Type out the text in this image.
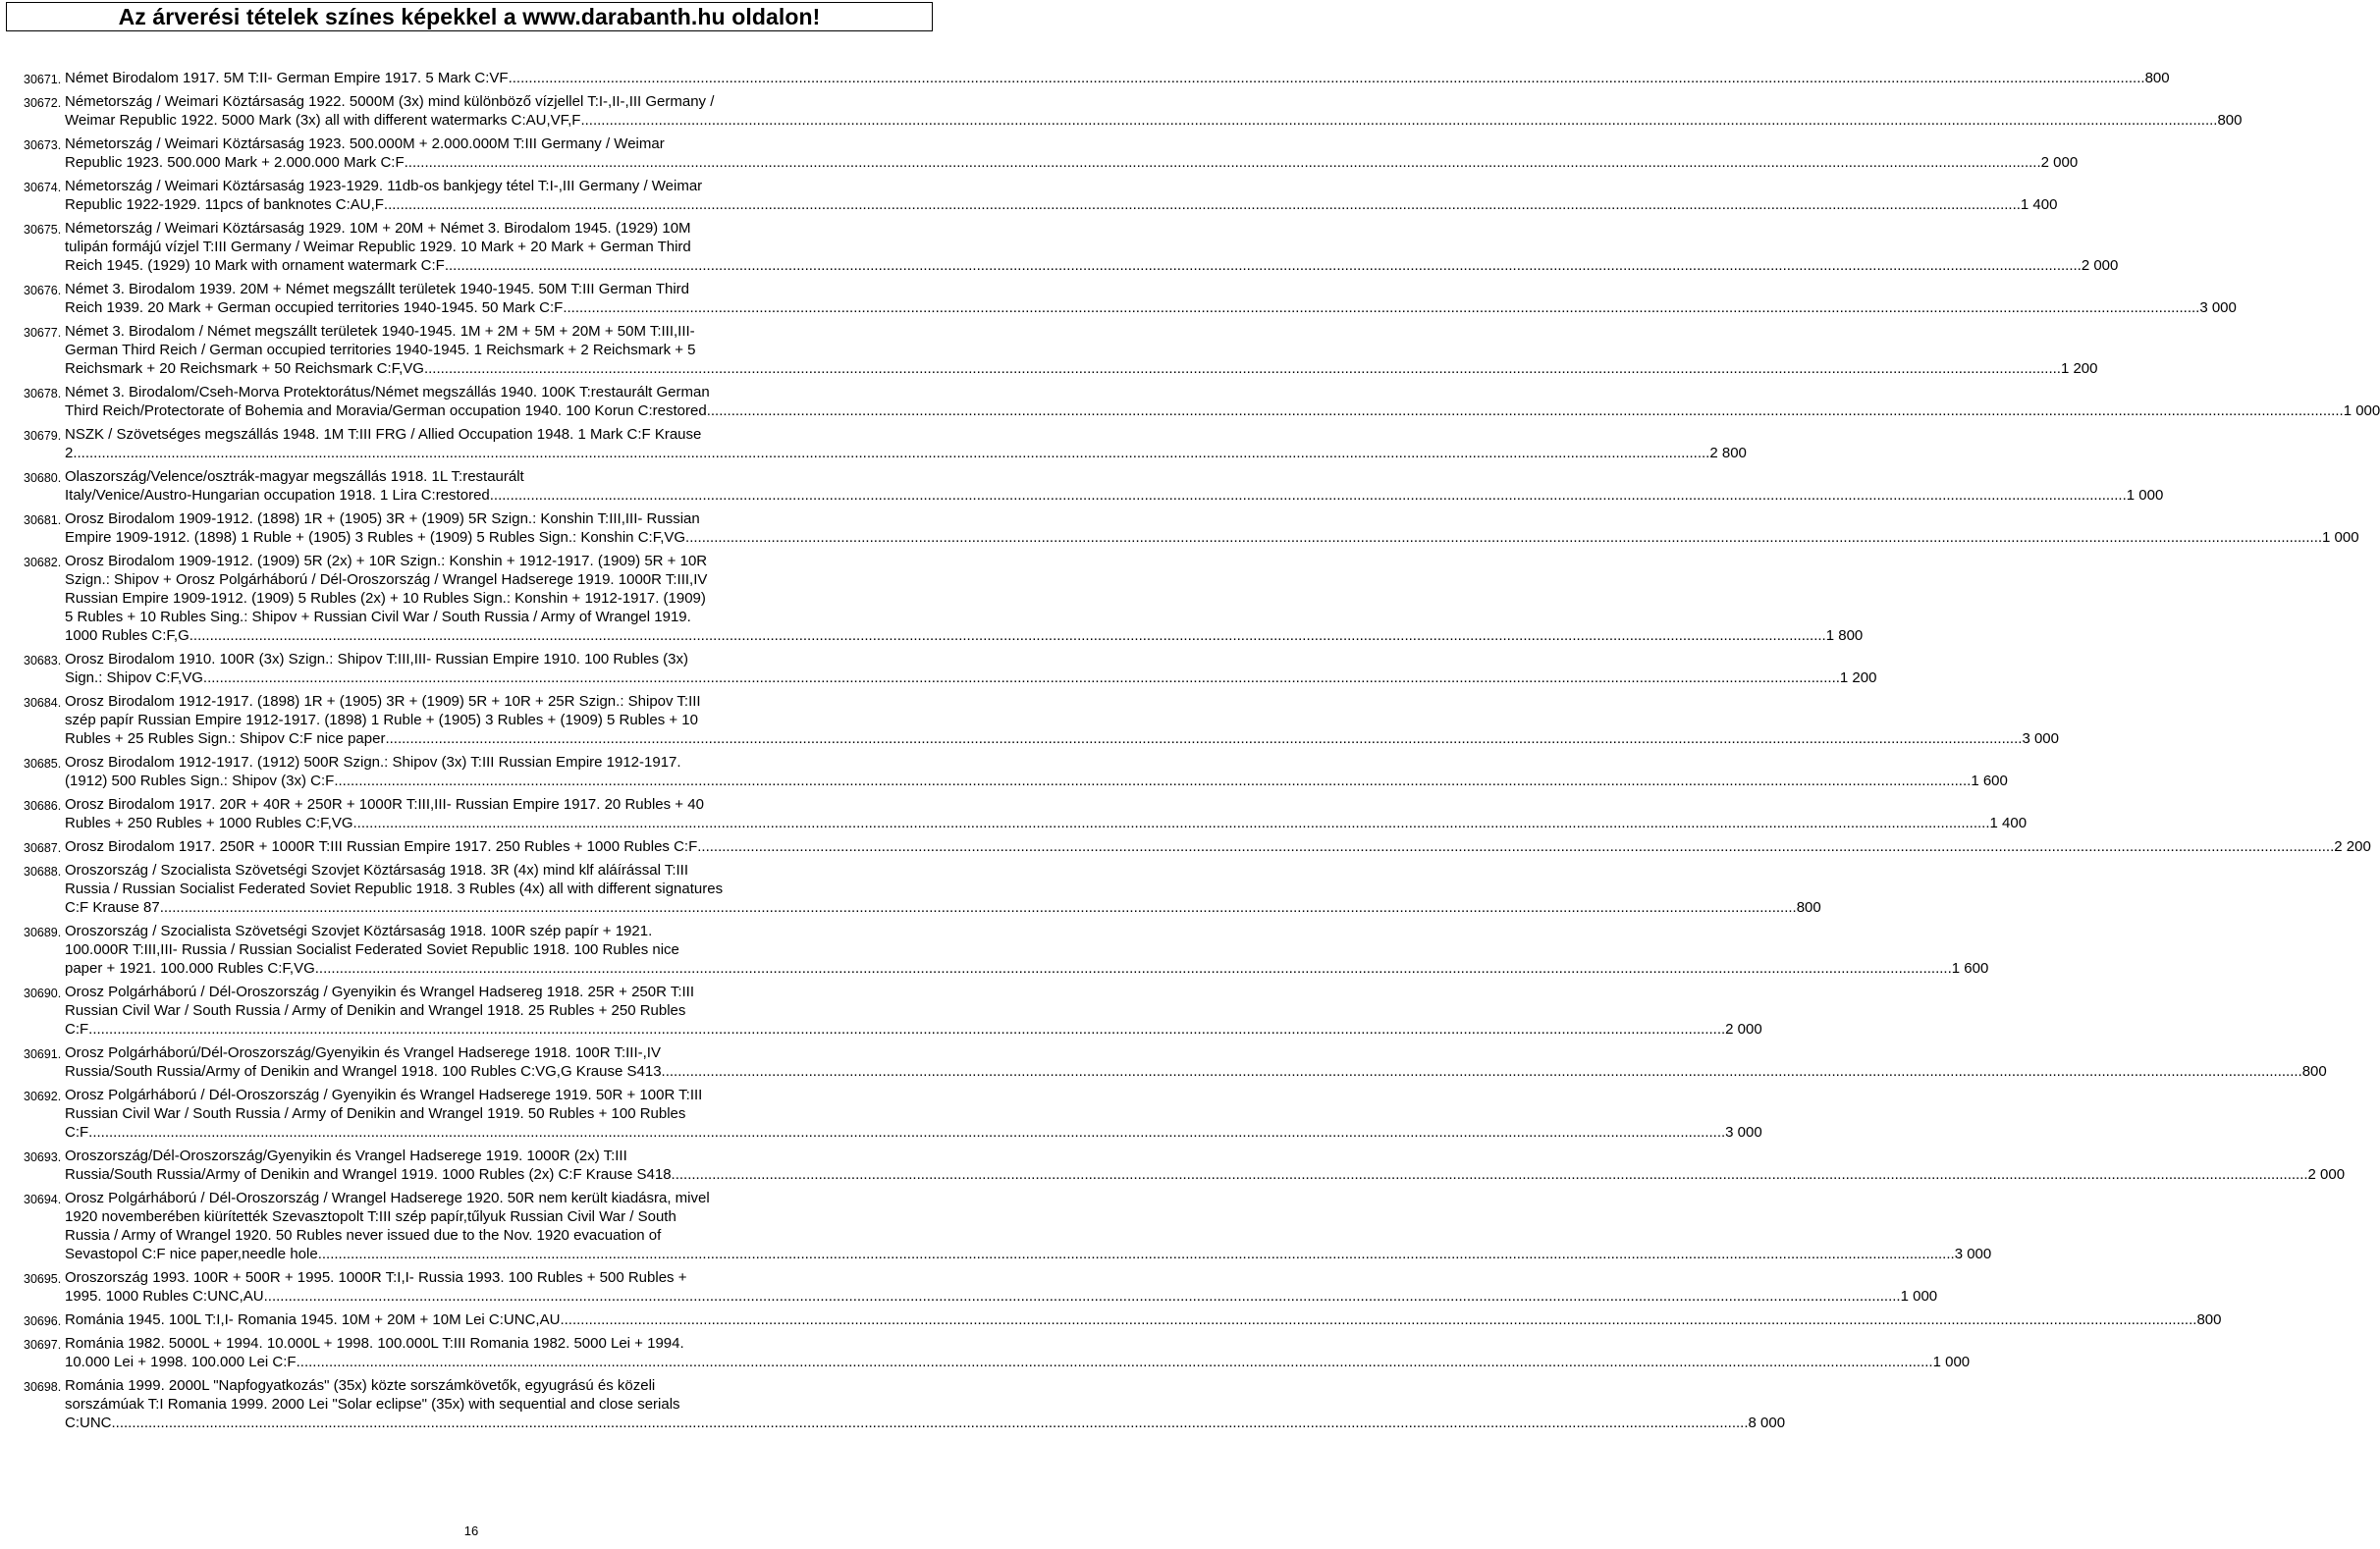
Az árverési tételek színes képekkel a www.darabanth.hu oldalon!
30671. Német Birodalom 1917. 5M T:II- German Empire 1917. 5 Mark C:VF .....	800
30672. Németország / Weimari Köztársaság 1922. 5000M (3x) mind különböző vízjellel T:I-,II-,III Germany /
Weimar Republic 1922. 5000 Mark (3x) all with different watermarks C:AU,VF,F .....	800
30673. Németország / Weimari Köztársaság 1923. 500.000M + 2.000.000M T:III Germany / Weimar
Republic 1923. 500.000 Mark + 2.000.000 Mark C:F .....	2 000
30674. Németország / Weimari Köztársaság 1923-1929. 11db-os bankjegy tétel T:I-,III Germany / Weimar
Republic 1922-1929. 11pcs of banknotes C:AU,F .....	1 400
30675. Németország / Weimari Köztársaság 1929. 10M + 20M + Német 3. Birodalom 1945. (1929) 10M
tulipán formájú vízjel T:III Germany / Weimar Republic 1929. 10 Mark + 20 Mark + German Third
Reich 1945. (1929) 10 Mark with ornament watermark C:F .....	2 000
30676. Német 3. Birodalom 1939. 20M + Német megszállt területek 1940-1945. 50M T:III German Third
Reich 1939. 20 Mark + German occupied territories 1940-1945. 50 Mark C:F .....	3 000
30677. Német 3. Birodalom / Német megszállt területek 1940-1945. 1M + 2M + 5M + 20M + 50M T:III,III-
German Third Reich / German occupied territories 1940-1945. 1 Reichsmark + 2 Reichsmark + 5
Reichsmark + 20 Reichsmark + 50 Reichsmark C:F,VG .....	1 200
30678. Német 3. Birodalom/Cseh-Morva Protektorátus/Német megszállás 1940. 100K T:restaurált German
Third Reich/Protectorate of Bohemia and Moravia/German occupation 1940. 100 Korun C:restored .....	1 000
30679. NSZK / Szövetséges megszállás 1948. 1M T:III FRG / Allied Occupation 1948. 1 Mark C:F Krause
2 .....	2 800
30680. Olaszország/Velence/osztrák-magyar megszállás 1918. 1L T:restaurált
Italy/Venice/Austro-Hungarian occupation 1918. 1 Lira C:restored .....	1 000
30681. Orosz Birodalom 1909-1912. (1898) 1R + (1905) 3R + (1909) 5R Szign.: Konshin T:III,III- Russian
Empire 1909-1912. (1898) 1 Ruble + (1905) 3 Rubles + (1909) 5 Rubles Sign.: Konshin C:F,VG .....	1 000
30682. Orosz Birodalom 1909-1912. (1909) 5R (2x) + 10R Szign.: Konshin + 1912-1917. (1909) 5R + 10R
Szign.: Shipov + Orosz Polgárháború / Dél-Oroszország / Wrangel Hadserege 1919. 1000R T:III,IV
Russian Empire 1909-1912. (1909) 5 Rubles (2x) + 10 Rubles Sign.: Konshin + 1912-1917. (1909)
5 Rubles + 10 Rubles Sing.: Shipov + Russian Civil War / South Russia / Army of Wrangel 1919.
1000 Rubles C:F,G .....	1 800
30683. Orosz Birodalom 1910. 100R (3x) Szign.: Shipov T:III,III- Russian Empire 1910. 100 Rubles (3x)
Sign.: Shipov C:F,VG .....	1 200
30684. Orosz Birodalom 1912-1917. (1898) 1R + (1905) 3R + (1909) 5R + 10R + 25R Szign.: Shipov T:III
szép papír Russian Empire 1912-1917. (1898) 1 Ruble + (1905) 3 Rubles + (1909) 5 Rubles + 10
Rubles + 25 Rubles Sign.: Shipov C:F nice paper .....	3 000
30685. Orosz Birodalom 1912-1917. (1912) 500R Szign.: Shipov (3x) T:III Russian Empire 1912-1917.
(1912) 500 Rubles Sign.: Shipov (3x) C:F .....	1 600
30686. Orosz Birodalom 1917. 20R + 40R + 250R + 1000R T:III,III- Russian Empire 1917. 20 Rubles + 40
Rubles + 250 Rubles + 1000 Rubles C:F,VG .....	1 400
30687. Orosz Birodalom 1917. 250R + 1000R T:III Russian Empire 1917. 250 Rubles + 1000 Rubles C:F .....	2 200
30688. Oroszország / Szocialista Szövetségi Szovjet Köztársaság 1918. 3R (4x) mind klf aláírással T:III
Russia / Russian Socialist Federated Soviet Republic 1918. 3 Rubles (4x) all with different signatures
C:F Krause 87 .....	800
30689. Oroszország / Szocialista Szövetségi Szovjet Köztársaság 1918. 100R szép papír + 1921.
100.000R T:III,III- Russia / Russian Socialist Federated Soviet Republic 1918. 100 Rubles nice
paper + 1921. 100.000 Rubles C:F,VG .....	1 600
30690. Orosz Polgárháború / Dél-Oroszország / Gyenyikin és Wrangel Hadsereg 1918. 25R + 250R T:III
Russian Civil War / South Russia / Army of Denikin and Wrangel 1918. 25 Rubles + 250 Rubles
C:F .....	2 000
30691. Orosz Polgárháború/Dél-Oroszország/Gyenyikin és Vrangel Hadserege 1918. 100R T:III-,IV
Russia/South Russia/Army of Denikin and Wrangel 1918. 100 Rubles C:VG,G Krause S413. .....	800
30692. Orosz Polgárháború / Dél-Oroszország / Gyenyikin és Wrangel Hadserege 1919. 50R + 100R T:III
Russian Civil War / South Russia / Army of Denikin and Wrangel 1919. 50 Rubles + 100 Rubles
C:F .....	3 000
30693. Oroszország/Dél-Oroszország/Gyenyikin és Vrangel Hadserege 1919. 1000R (2x) T:III
Russia/South Russia/Army of Denikin and Wrangel 1919. 1000 Rubles (2x) C:F Krause S418 .....	2 000
30694. Orosz Polgárháború / Dél-Oroszország / Wrangel Hadserege 1920. 50R nem került kiadásra, mivel
1920 novemberében kiürítették Szevasztopolt T:III szép papír,tűlyuk Russian Civil War / South
Russia / Army of Wrangel 1920. 50 Rubles never issued due to the Nov. 1920 evacuation of
Sevastopol C:F nice paper,needle hole .....	3 000
30695. Oroszország 1993. 100R + 500R + 1995. 1000R T:I,I- Russia 1993. 100 Rubles + 500 Rubles +
1995. 1000 Rubles C:UNC,AU .....	1 000
30696. Románia 1945. 100L T:I,I- Romania 1945. 10M + 20M + 10M Lei C:UNC,AU .....	800
30697. Románia 1982. 5000L + 1994. 10.000L + 1998. 100.000L T:III Romania 1982. 5000 Lei + 1994.
10.000 Lei + 1998. 100.000 Lei C:F .....	1 000
30698. Románia 1999. 2000L "Napfogyatkozás" (35x) közte sorszámkövetők, egyugrású és közeli
sorszámúak T:I Romania 1999. 2000 Lei "Solar eclipse" (35x) with sequential and close serials
C:UNC .....	8 000
16
